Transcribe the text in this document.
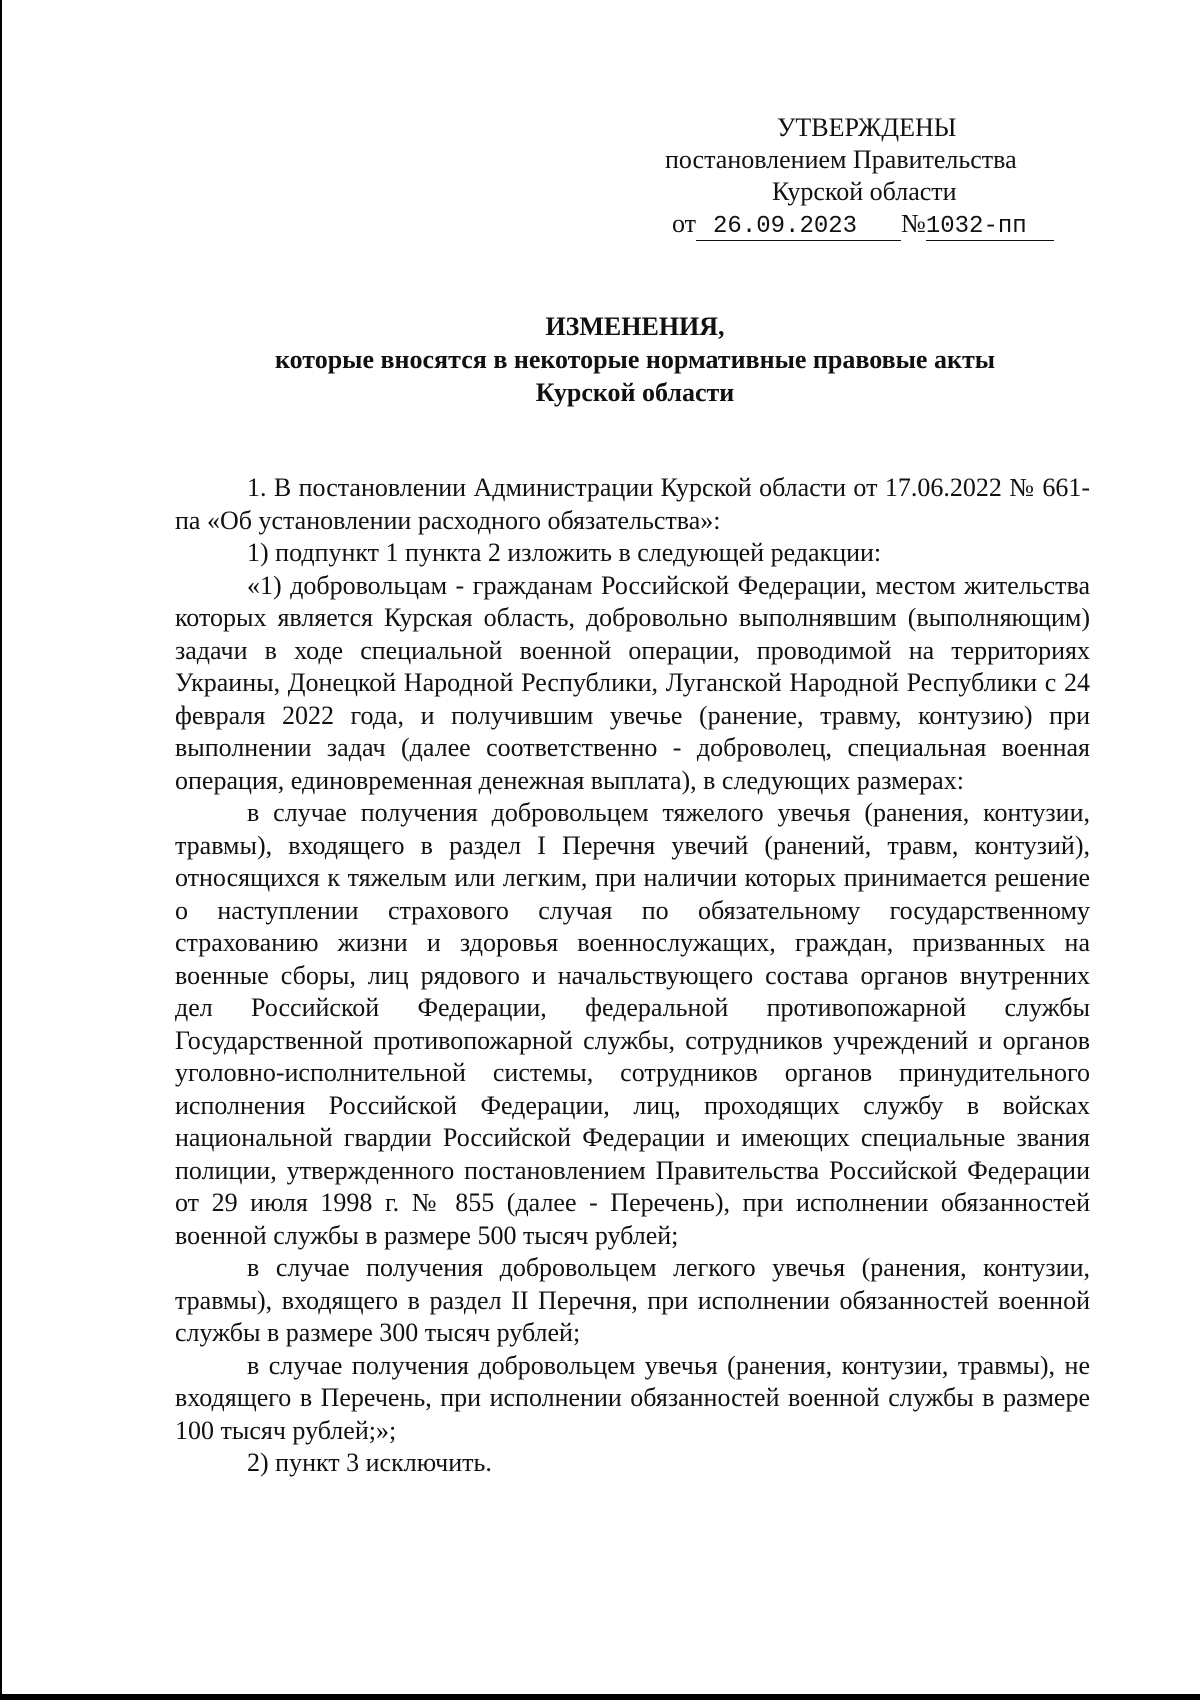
УТВЕРЖДЕНЫ
постановлением Правительства
Курской области
от 26.09.2023 №1032-пп
ИЗМЕНЕНИЯ,
которые вносятся в некоторые нормативные правовые акты
Курской области

1. В постановлении Администрации Курской области от 17.06.2022 № 661-па «Об установлении расходного обязательства»:

1) подпункт 1 пункта 2 изложить в следующей редакции:

«1) добровольцам - гражданам Российской Федерации, местом жительства которых является Курская область, добровольно выполнявшим (выполняющим) задачи в ходе специальной военной операции, проводимой на территориях Украины, Донецкой Народной Республики, Луганской Народной Республики с 24 февраля 2022 года, и получившим увечье (ранение, травму, контузию) при выполнении задач (далее соответственно - доброволец, специальная военная операция, единовременная денежная выплата), в следующих размерах:

в случае получения добровольцем тяжелого увечья (ранения, контузии, травмы), входящего в раздел I Перечня увечий (ранений, травм, контузий), относящихся к тяжелым или легким, при наличии которых принимается решение о наступлении страхового случая по обязательному государственному страхованию жизни и здоровья военнослужащих, граждан, призванных на военные сборы, лиц рядового и начальствующего состава органов внутренних дел Российской Федерации, федеральной противопожарной службы Государственной противопожарной службы, сотрудников учреждений и органов уголовно-исполнительной системы, сотрудников органов принудительного исполнения Российской Федерации, лиц, проходящих службу в войсках национальной гвардии Российской Федерации и имеющих специальные звания полиции, утвержденного постановлением Правительства Российской Федерации от 29 июля 1998 г. № 855 (далее - Перечень), при исполнении обязанностей военной службы в размере 500 тысяч рублей;

в случае получения добровольцем легкого увечья (ранения, контузии, травмы), входящего в раздел II Перечня, при исполнении обязанностей военной службы в размере 300 тысяч рублей;

в случае получения добровольцем увечья (ранения, контузии, травмы), не входящего в Перечень, при исполнении обязанностей военной службы в размере 100 тысяч рублей;»;

2) пункт 3 исключить.
